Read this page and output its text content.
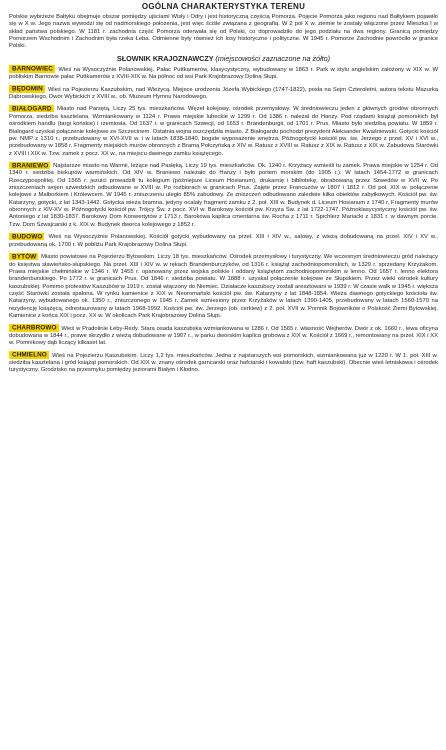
OGÓLNA CHARAKTERYSTYKA TERENU

Polskie wybrzeże Bałtyku obejmuje obszar pomiędzy ujściami Wisły i Odry i jest historyczną częścią Pomorza. Pojęcie Pomorza jako regionu nad Bałtykiem pojawiło się w X w. Jego nazwa wywodzi się od nadmorskiego położenia, jest więc ściśle związana z geografią. W 2 poł X w. ziemie te zostały włączone przez Mieszka I w skład państwa polskiego. W 1181 r. zachodnia część Pomorza oderwała się od Polski, co doprowadziło do jego podziału na dwa regiony. Granicą pomiędzy Pomorzem Wschodnim i Zachodnim była rzeka Łeba. Odmienne były również ich losy historyczne i polityczne. W 1945 r. Pomorze Zachodnie powróciło w granice Polski.

SŁOWNIK KRAJOZNAWCZY (miejscowości zaznaczone na żółto)

BARNOWIEC Wieś na Wysoczyźnie Polanowskiej. Pałac Puttkamerów, klasycystyczny, wybudowany w 1863 r. Park w stylu angielskim założony w XIX w. W pobliskim Barnowie pałac Puttkamerów z XVIII-XIX w. Na północ od wsi Park Krajobrazowy Dolina Słupi.

BĘDOMIN Wieś na Pojezierzu Kaszubskim, nad Wieżycą. Miejsce urodzenia Józefa Wybickiego (1747-1822), posła na Sejm Czteroletni, autora tekstu Mazurka Dąbrowskiego. Dwór Wybickich z XVIII w., ob. Muzeum Hymnu Narodowego.

BIAŁOGARD Miasto nad Parsętą. Liczy 25 tys. mieszkańców. Węzeł kolejowy, ośrodek przemysłowy. W średniowieczu jeden z głównych grodów obronnych Pomorza, siedziba kasztelana. Wzmiankowany w 1124 r. Prawa miejskie lubeckie w 1299 r. Od 1386 r. należał do Hanzy. Pod rządami książąt pomorskich był ośrodkiem handlu (targi końskie) i rzemiosła. Od 1637 r. w granicach Szwecji, od 1653 r. Brandenburgii, od 1701 r. Prus. Miasto było siedzibą powiatu. W 1859 r. Białogard uzyskał połączenie kolejowe ze Szczecinem. Ostatnia wojna oszczędziła miasto. Z Białogardu pochodzi prezydent Aleksander Kwaśniewski. Gotycki kościół pw. NMP z 1310 r., przebudowany w XVI-XVII w. i w latach 1838-1840, bogate wyposażenie wnętrza. Późnogotycki kościół pw. św. Jerzego z przeł. XV i XVI w., przebudowany w 1858 r. Fragmenty miejskich murów obronnych z Bramą Połczyńską z XIV w. Ratusz z XVIII w. Ratusz z XIX w. Ratusz z XIX w. Zabudowa Starówki z XVIII i XIX w. Tzw. zamek z pocz. XX w., na miejscu dawnego zamku książęcego.

BRANIEWO Najstarsze miasto na Warmii, leżące nad Pasłęką. Liczy 19 tys. mieszkańców. Ok. 1240 r. Krzyżacy wznieśli tu zamek. Prawa miejskie w 1254 r. Od 1340 r. siedziba biskupów warmińskich. Od XIV w. Braniewo należało do Hanzy i było portem morskim (do 1905 r.). W latach 1454-1772 w granicach Rzeczypospolitej. Od 1565 r. jezuici prowadzili tu kolegium (późniejsze Liceum Hosianum), drukarnię i bibliotekę, obrabowaną przez Szwedów w XVII w. Po zniszczeniach wojen szwedzkich odbudowane w XVIII w. Po rozbiorach w granicach Prus. Zajęte przez Francuzów w 1807 i 1812 r. Od poł. XIX w. połączenie kolejowe z Malborkiem i Królewcem. W 1945 r. zniszczeniu uległo 85% zabudowy. Ze zniszczeń odbudowano zaledwie kilka obiektów zabytkowych. Kościół pw. św. Katarzyny, gotycki, z lat 1343-1442. Gotycka wieża bramna, jedyny ocalały fragment zamku z 2. poł. XIII w. Budynek d. Liceum Hosianum z 1740 r. Fragmenty murów obronnych z XIV-XV w. Późnogotycki kościół pw. Trójcy Św. z pocz. XVI w. Barokowy kościół pw. Krzyża Św. z lat 1722-1747. Późnoklasycystyczny kościół pw. św. Antoniego z lat 1830-1837. Barokowy Dom Konwertytów z 1713 r. Barokowa kaplica cmentarna św. Rocha z 1711 r. Spichlerz Mariacki z 1831 r. w dawnym porcie. Tzw. Dom Szwajcarski z k. XIX w. Budynek dworca kolejowego z 1852 r.

BUDOWO Wieś na Wysoczyźnie Polanowskiej. Kościół gotycki wybudowany na przeł. XIII i XIV w., salowy, z wieżą dobudowaną na przeł. XIV i XV w., przebudowaną ok. 1700 r. W pobliżu Park Krajobrazowy Dolina Słupi.

BYTÓW Miasto powiatowe na Pojezierzu Bytowskim. Liczy 18 tys. mieszkańców. Ośrodek przemysłowy i turystyczny. We wczesnym średniowieczu gród należący do księstwa sławieńsko-słupskiego. Na przeł. XIII i XIV w. w rękach Brandenburczyków, od 1316 r. książąt zachodniopomorskich, w 1329 r. sprzedany Krzyżakom. Prawa miejskie chełmińskie w 1346 r. W 1455 r. opanowany przez wojska polskie i oddany książętom zachodniopomorskim w lenno. Od 1657 r. lenno elektora brandenburskiego. Po 1772 r. w granicach Prus. Od 1846 r. siedziba powiatu. W 1888 r. uzyskał połączenie kolejowe ze Słupskiem. Przez wieki ośrodek kultury kaszubskiej. Pomimo protestów Kaszubów w 1919 r. został włączony do Niemiec. Działacze kaszubscy zostali aresztowani w 1939 r. W czasie walk w 1945 r. większa część Starówki została spalona. W rynku kamienice z XIX w. Neoromański kościół pw. św. Katarzyny z lat 1848-1854. Wieża dawnego gotyckiego kościoła św. Katarzyny, wybudowanego ok. 1350 r., zniszczonego w 1945 r. Zamek wzniesiony przez Krzyżaków w latach 1390-1405, przebudowany w latach 1560-1570 na rezydencję książęcą, odrestaurowany w latach 1968-1992. Kościół pw. św. Jerzego (ob. cerkiew) z 2. poł. XVII w. Pomnik Bojowników o Polskość Ziemi Bytowskiej. Kamienice z końca XIX i pocz. XX w. W okolicach Park Krajobrazowy Dolina Słupi.

CHARBROWO Wieś w Pradolinie Łeby-Redy. Stara osada kaszubska wzmiankowana w 1286 r. Od 1565 r. własność Wejherów. Dwór z ok. 1660 r., lewa oficyna dobudowana w 1844 r., prawe skrzydło z wieżą dobudowane w 1907 r., w parku dworskim kaplica grobowa z XIX w. Kościół z 1669 r., remontowany na przeł. XIX i XX w. Pomnikowy dąb liczący kilkaset lat.

CHMIELNO Wieś na Pojezierzu Kaszubskim. Liczy 1,2 tys. mieszkańców. Jedna z najstarszych wsi pomorskich, wzmiankowana już w 1220 r. W 1. poł. XIII w. siedziba kasztelana i gród książąt pomorskich. Od XIX w. znany ośrodek garncarski oraz hafciarski i kowalski (tzw. haft kaszubski). Obecnie wieś letniskowa i ośrodek turystyczny. Grodzisko na przesmyku pomiędzy jeziorami Białym i Kłodno.
